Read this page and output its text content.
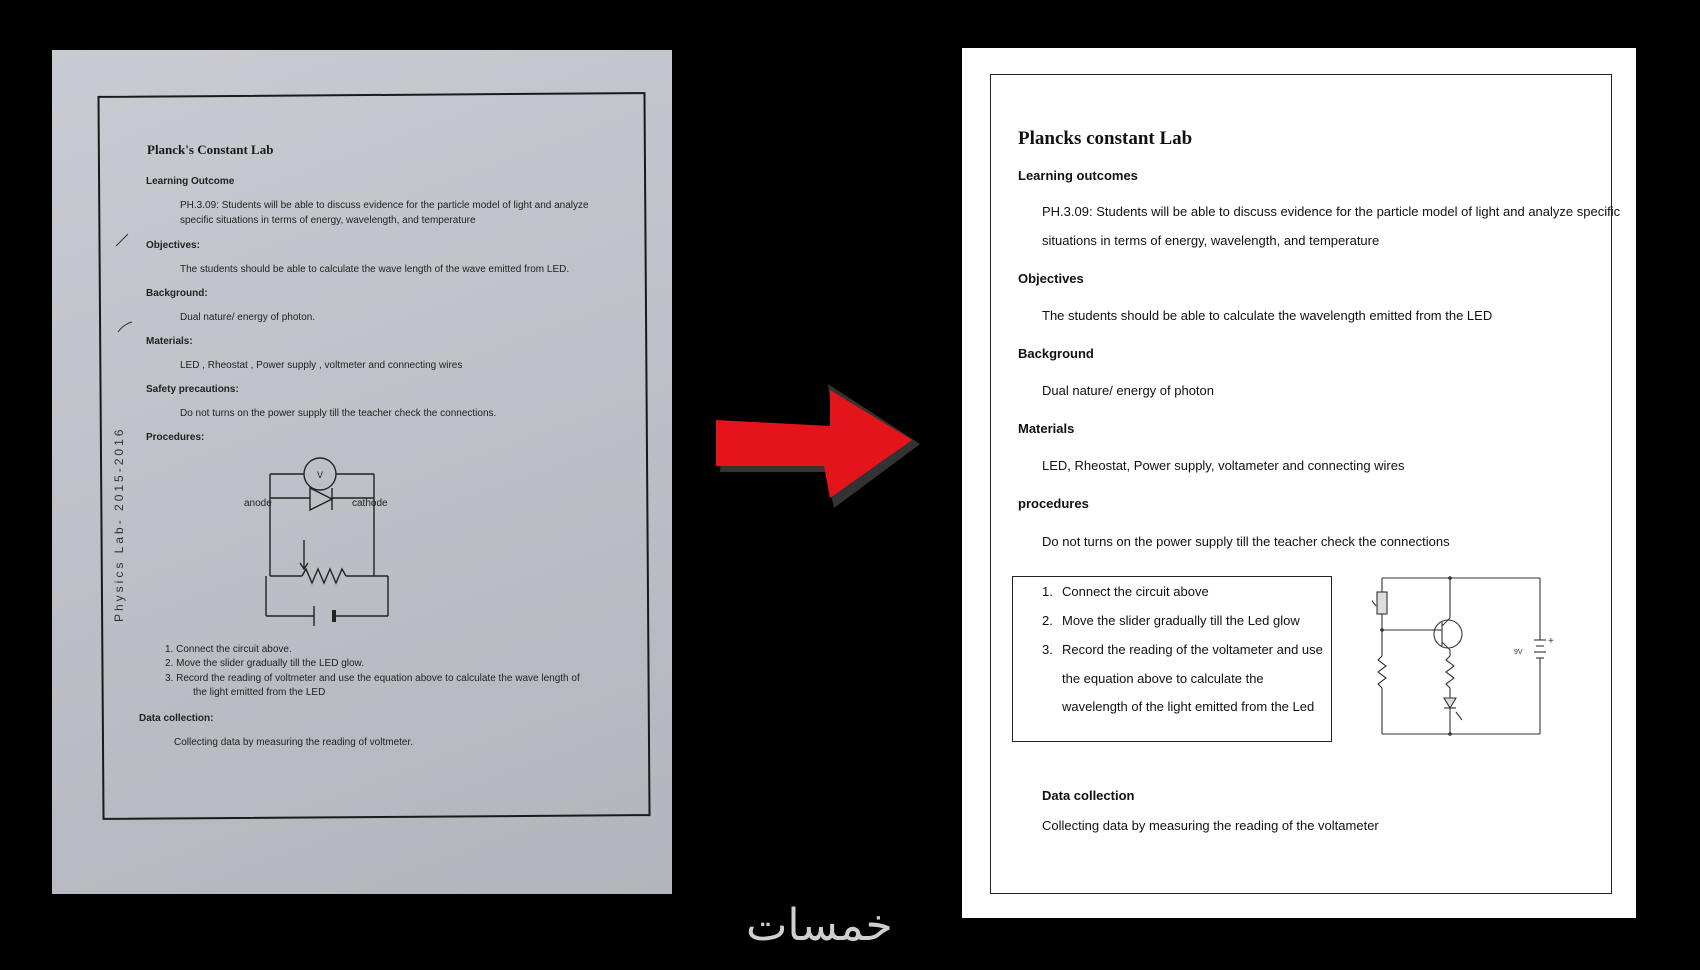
Physics Lab- 2015-2016
Planck's Constant Lab
Learning Outcome
PH.3.09: Students will be able to discuss evidence for the particle model of light and analyze
specific situations in terms of energy, wavelength, and temperature
Objectives:
The students should be able to calculate the wave length of the wave emitted from LED.
Background:
Dual nature/ energy of photon.
Materials:
LED , Rheostat , Power supply , voltmeter and connecting wires
Safety precautions:
Do not turns on the power supply till the teacher check the connections.
Procedures:
V
anode	cathode
1. Connect the circuit above.
2. Move the slider gradually till the LED glow.
3. Record the reading of voltmeter and use the equation above to calculate the wave length of
the light emitted from the LED
Data collection:
Collecting data by measuring the reading of voltmeter.
Plancks constant Lab
Learning outcomes
PH.3.09: Students will be able to discuss evidence for the particle model of light and analyze specific
situations in terms of energy, wavelength, and temperature
Objectives
The students should be able to calculate the wavelength emitted from the LED
Background
Dual nature/ energy of photon
Materials
LED, Rheostat, Power supply, voltameter and connecting wires
procedures
Do not turns on the power supply till the teacher check the connections
1. Connect the circuit above
2. Move the slider gradually till the Led glow
3. Record the reading of the voltameter and use
the equation above to calculate the
wavelength of the light emitted from the Led
9V
+
Data collection
Collecting data by measuring the reading of the voltameter
خمسات
